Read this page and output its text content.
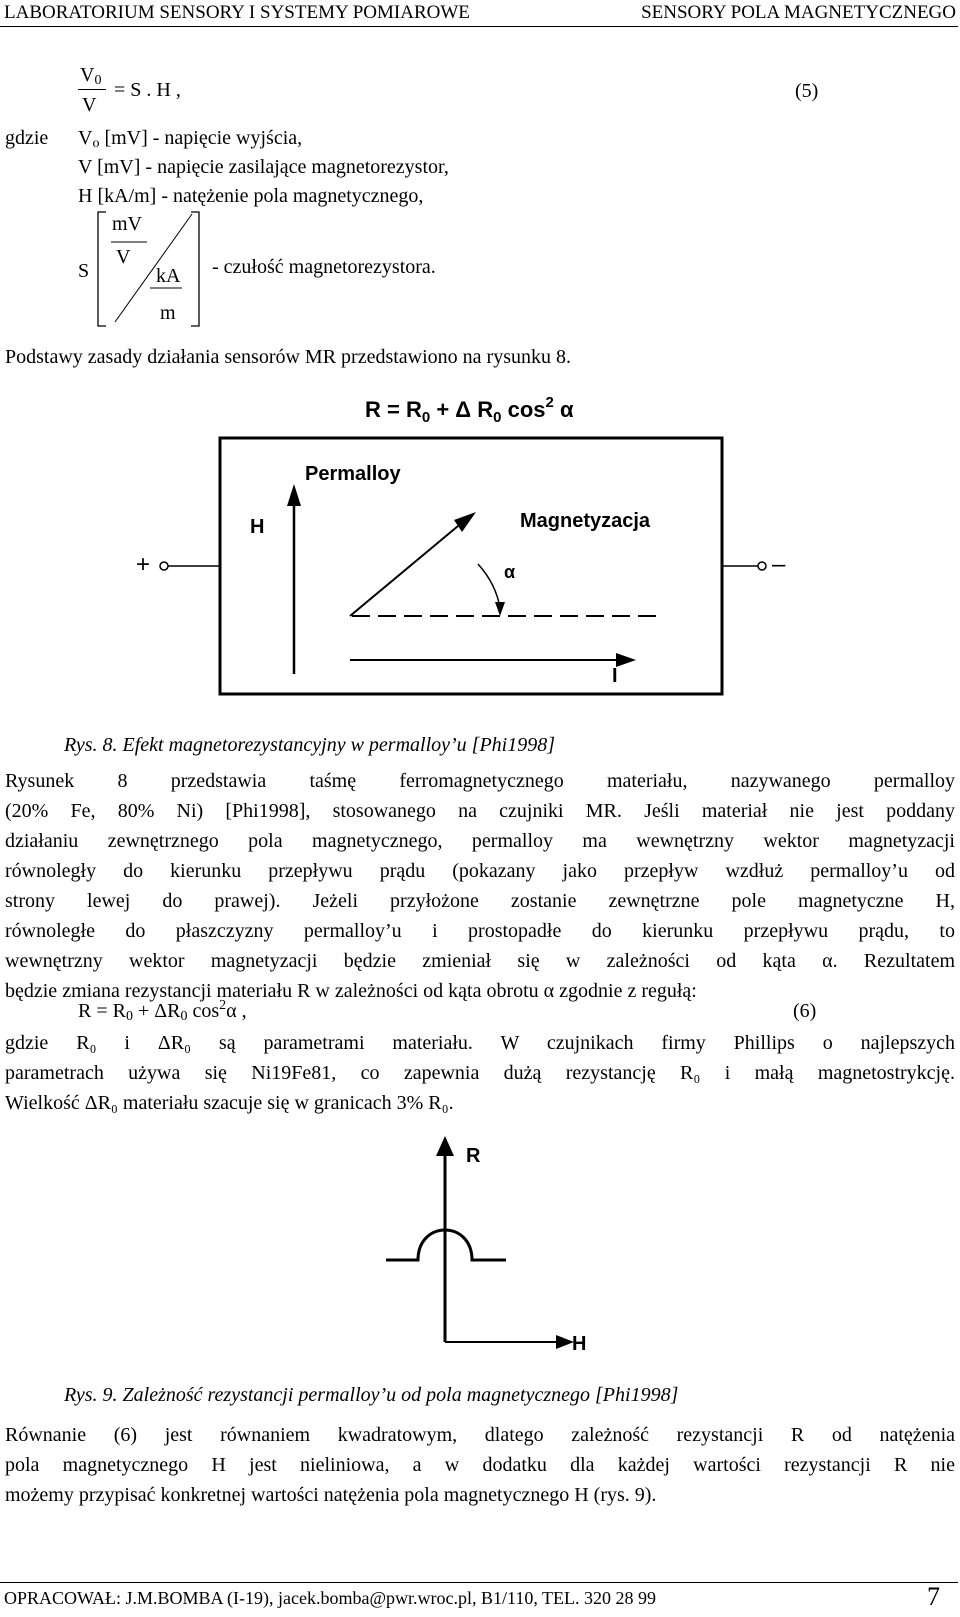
LABORATORIUM SENSORY I SYSTEMY POMIAROWE	SENSORY POLA MAGNETYCZNEGO
$V_0$
V
= S . H ,	(5)
gdzie $V_o$ [mV] - napięcie wyjścia,
V [mV] - napięcie zasilające magnetorezystor,
H [kA/m] - natężenie pola magnetycznego,
S
mV
V
kA
m
- czułość magnetorezystora.
Podstawy zasady działania sensorów MR przedstawiono na rysunku 8.
$R = R_0 + \Delta$ $R_0$ $\cos^2 \alpha$
Permalloy
H	Magnetyzacja
α
+	–
I
Rys. 8. Efekt magnetorezystancyjny w permalloy’u [Phi1998]
Rysunek 8 przedstawia taśmę ferromagnetycznego materiału, nazywanego permalloy
(20% Fe, 80% Ni) [Phi1998], stosowanego na czujniki MR. Jeśli materiał nie jest poddany
działaniu zewnętrznego pola magnetycznego, permalloy ma wewnętrzny wektor magnetyzacji
równoległy do kierunku przepływu prądu (pokazany jako przepływ wzdłuż permalloy’u od
strony lewej do prawej). Jeżeli przyłożone zostanie zewnętrzne pole magnetyczne H,
równoległe do płaszczyzny permalloy’u i prostopadłe do kierunku przepływu prądu, to
wewnętrzny wektor magnetyzacji będzie zmieniał się w zależności od kąta α. Rezultatem
będzie zmiana rezystancji materiału R w zależności od kąta obrotu α zgodnie z regułą:
$R = R_0 + \Delta R_0$ $\cos^2\alpha$ ,	(6)
gdzie R₀ i ΔR₀ są parametrami materiału. W czujnikach firmy Phillips o najlepszych
parametrach używa się Ni19Fe81, co zapewnia dużą rezystancję R₀ i małą magnetostrykcję.
Wielkość ΔR₀ materiału szacuje się w granicach 3% R₀.
R
H
Rys. 9. Zależność rezystancji permalloy’u od pola magnetycznego [Phi1998]
Równanie (6) jest równaniem kwadratowym, dlatego zależność rezystancji R od natężenia
pola magnetycznego H jest nieliniowa, a w dodatku dla każdej wartości rezystancji R nie
możemy przypisać konkretnej wartości natężenia pola magnetycznego H (rys. 9).
OPRACOWAŁ: J.M.BOMBA (I-19), jacek.bomba@pwr.wroc.pl, B1/110, TEL. 320 28 99	7
